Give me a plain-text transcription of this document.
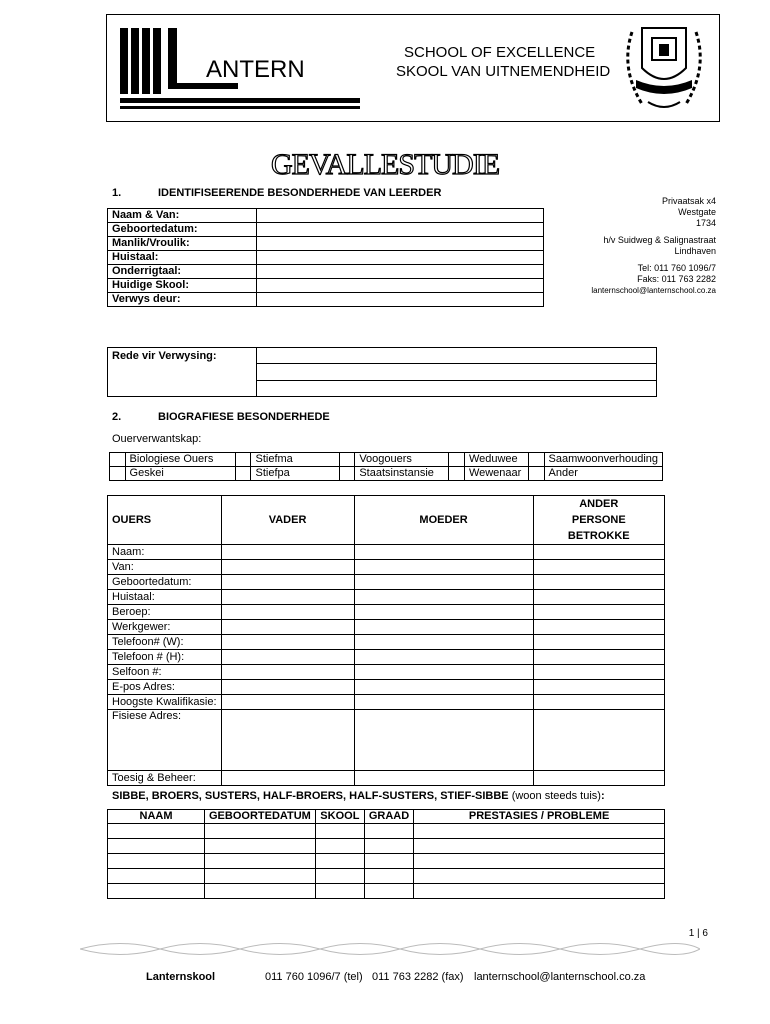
ANTERN
SCHOOL OF EXCELLENCE
SKOOL VAN UITNEMENDHEID
GEVALLESTUDIE
1.	IDENTIFISEERENDE BESONDERHEDE VAN LEERDER
Naam & Van:	
Geboortedatum:	
Manlik/Vroulik:	
Huistaal:	
Onderrigtaal:	
Huidige Skool:	
Verwys deur:	
Privaatsak x4
Westgate
1734
h/v Suidweg & Salignastraat
Lindhaven
Tel: 011 760 1096/7
Faks: 011 763 2282
lanternschool@lanternschool.co.za
Rede vir Verwysing:	

2.	BIOGRAFIESE BESONDERHEDE
Ouerverwantskap:
	Biologiese Ouers		Stiefma		Voogouers		Weduwee		Saamwoonverhouding
	Geskei		Stiefpa		Staatsinstansie		Wewenaar		Ander
OUERS	VADER	MOEDER	ANDER PERSONE BETROKKE
Naam:			
Van:			
Geboortedatum:			
Huistaal:			
Beroep:			
Werkgewer:			
Telefoon# (W):			
Telefoon # (H):			
Selfoon #:			
E-pos Adres:			
Hoogste Kwalifikasie:			
Fisiese Adres:			
Toesig & Beheer:			
SIBBE, BROERS, SUSTERS, HALF-BROERS, HALF-SUSTERS, STIEF-SIBBE (woon steeds tuis):
NAAM	GEBOORTEDATUM	SKOOL	GRAAD	PRESTASIES / PROBLEME

1 | 6
Lanternskool	011 760 1096/7 (tel) 011 763 2282 (fax) lanternschool@lanternschool.co.za
